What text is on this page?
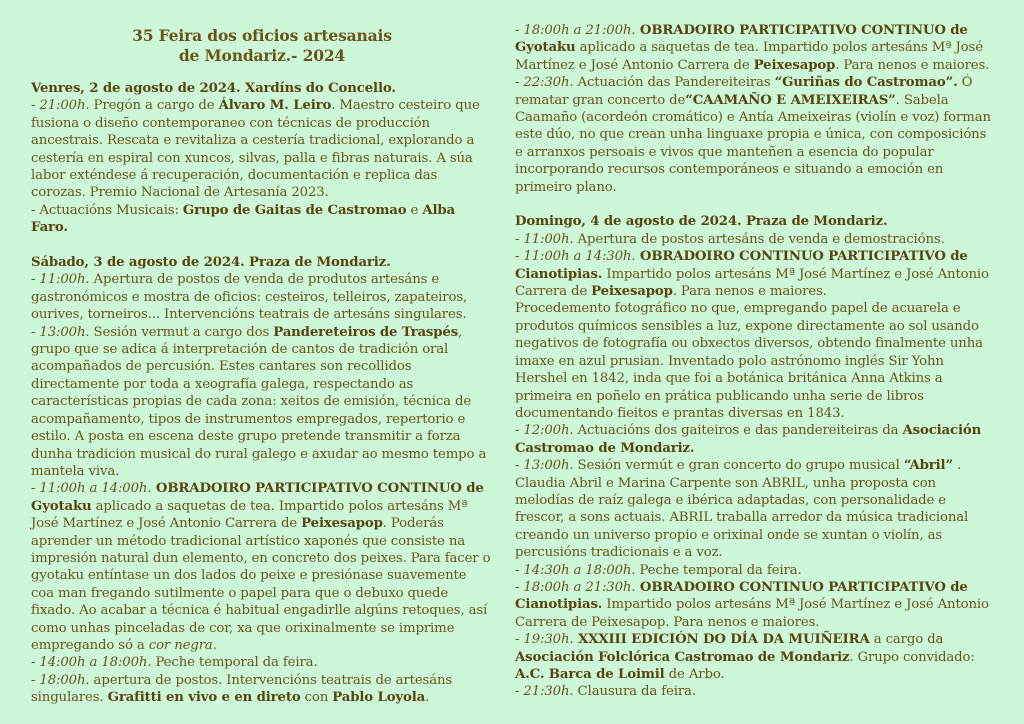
35 Feira dos oficios artesanais
de Mondariz.- 2024

Venres, 2 de agosto de 2024. Xardíns do Concello.

- 21:00h. Pregón a cargo de Álvaro M. Leiro. Maestro cesteiro que fusiona o diseño contemporaneo con técnicas de producción ancestrais. Rescata e revitaliza a cestería tradicional, explorando a cestería en espiral con xuncos, silvas, palla e fibras naturais. A súa labor exténdese á recuperación, documentación e replica das corozas. Premio Nacional de Artesanía 2023.

- Actuacións Musicais: Grupo de Gaitas de Castromao e Alba Faro.

Sábado, 3 de agosto de 2024. Praza de Mondariz.

- 11:00h. Apertura de postos de venda de produtos artesáns e gastronómicos e mostra de oficios: cesteiros, telleiros, zapateiros, ourives, torneiros... Intervencións teatrais de artesáns singulares.

- 13:00h. Sesión vermut a cargo dos Pandereteiros de Traspés, grupo que se adica á interpretación de cantos de tradición oral acompañados de percusión. Estes cantares son recollidos directamente por toda a xeografía galega, respectando as características propias de cada zona: xeitos de emisión, técnica de acompañamento, tipos de instrumentos empregados, repertorio e estilo. A posta en escena deste grupo pretende transmitir a forza dunha tradicion musical do rural galego e axudar ao mesmo tempo a mantela viva.

- 11:00h a 14:00h. OBRADOIRO PARTICIPATIVO CONTINUO de Gyotaku aplicado a saquetas de tea. Impartido polos artesáns Mª José Martínez e José Antonio Carrera de Peixesapop. Poderás aprender un método tradicional artístico xaponés que consiste na impresión natural dun elemento, en concreto dos peixes. Para facer o gyotaku entíntase un dos lados do peixe e presiónase suavemente coa man fregando sutilmente o papel para que o debuxo quede fixado. Ao acabar a técnica é habitual engadirlle algúns retoques, así como unhas pinceladas de cor, xa que orixinalmente se imprime empregando só a cor negra.

- 14:00h a 18:00h. Peche temporal da feira.

- 18:00h. apertura de postos. Intervencións teatrais de artesáns singulares. Grafitti en vivo e en direto con Pablo Loyola.

- 18:00h a 21:00h. OBRADOIRO PARTICIPATIVO CONTINUO de Gyotaku aplicado a saquetas de tea. Impartido polos artesáns Mª José Martínez e José Antonio Carrera de Peixesapop. Para nenos e maiores.

- 22:30h. Actuación das Pandereiteiras “Guriñas do Castromao”. Ó rematar gran concerto de“CAAMAÑO E AMEIXEIRAS”. Sabela Caamaño (acordeón cromático) e Antía Ameixeiras (violín e voz) forman este dúo, no que crean unha linguaxe propia e única, con composicións e arranxos persoais e vivos que manteñen a esencia do popular incorporando recursos contemporáneos e situando a emoción en primeiro plano.

Domingo, 4 de agosto de 2024. Praza de Mondariz.

- 11:00h. Apertura de postos artesáns de venda e demostracións.

- 11:00h a 14:30h. OBRADOIRO CONTINUO PARTICIPATIVO de Cianotipias. Impartido polos artesáns Mª José Martínez e José Antonio Carrera de Peixesapop. Para nenos e maiores.

Procedemento fotográfico no que, empregando papel de acuarela e produtos químicos sensibles a luz, expone directamente ao sol usando negativos de fotografía ou obxectos diversos, obtendo finalmente unha imaxe en azul prusian. Inventado polo astrónomo inglés Sir Yohn Hershel en 1842, inda que foi a botánica británica Anna Atkins a primeira en poñelo en prática publicando unha serie de libros documentando fieitos e prantas diversas en 1843.

- 12:00h. Actuacións dos gaiteiros e das pandereiteiras da Asociación Castromao de Mondariz.

- 13:00h. Sesión vermút e gran concerto do grupo musical “Abril” . Claudia Abril e Marina Carpente son ABRIL, unha proposta con melodías de raíz galega e ibérica adaptadas, con personalidade e frescor, a sons actuais. ABRIL traballa arredor da música tradicional creando un universo propio e orixinal onde se xuntan o violín, as percusións tradicionais e a voz.

- 14:30h a 18:00h. Peche temporal da feira.

- 18:00h a 21:30h. OBRADOIRO CONTINUO PARTICIPATIVO de Cianotipias. Impartido polos artesáns Mª José Martínez e José Antonio Carrera de Peixesapop. Para nenos e maiores.

- 19:30h. XXXIII EDICIÓN DO DÍA DA MUIÑEIRA a cargo da Asociación Folclórica Castromao de Mondariz. Grupo convidado: A.C. Barca de Loimil de Arbo.

- 21:30h. Clausura da feira.
